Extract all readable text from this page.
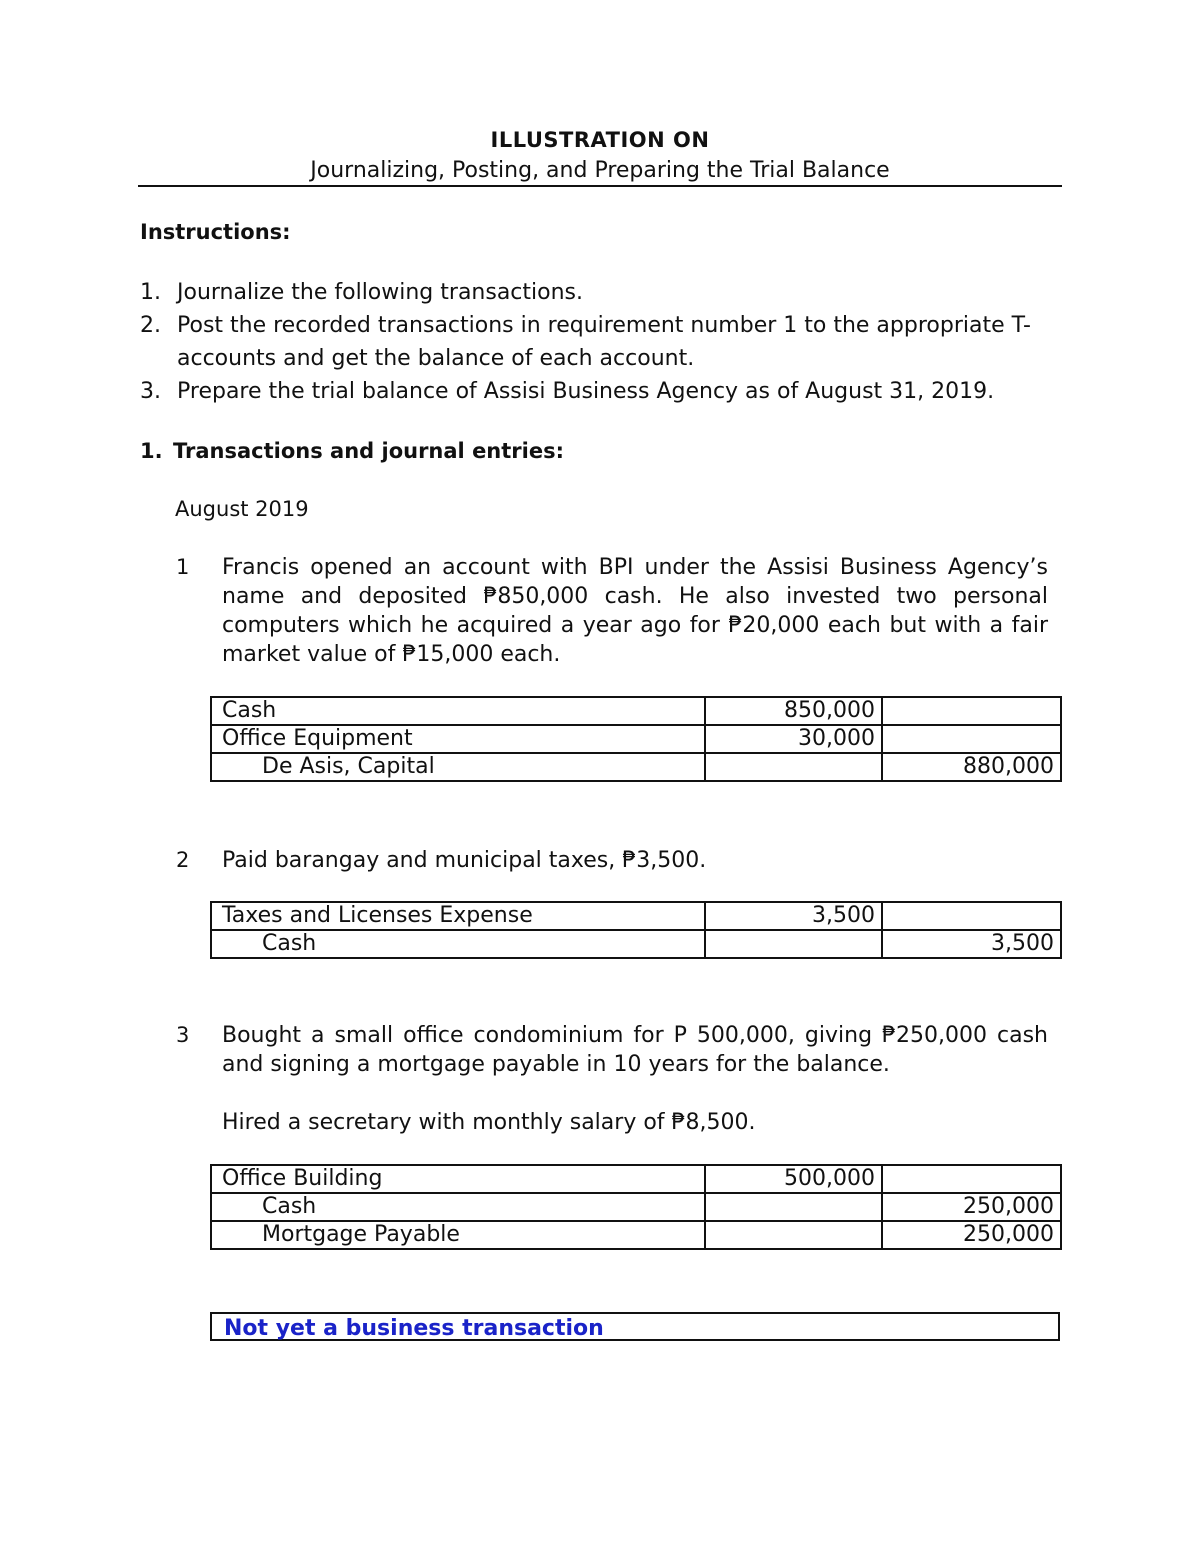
ILLUSTRATION ON
Journalizing, Posting, and Preparing the Trial Balance
Instructions:
1. Journalize the following transactions.
2. Post the recorded transactions in requirement number 1 to the appropriate T-accounts and get the balance of each account.
3. Prepare the trial balance of Assisi Business Agency as of August 31, 2019.
1. Transactions and journal entries:
August 2019
1 Francis opened an account with BPI under the Assisi Business Agency’s name and deposited ₱850,000 cash. He also invested two personal computers which he acquired a year ago for ₱20,000 each but with a fair market value of ₱15,000 each.
Cash	850,000	
Office Equipment	30,000	
De Asis, Capital		880,000
2 Paid barangay and municipal taxes, ₱3,500.
Taxes and Licenses Expense	3,500	
Cash		3,500
3 Bought a small office condominium for P 500,000, giving ₱250,000 cash and signing a mortgage payable in 10 years for the balance.
Hired a secretary with monthly salary of ₱8,500.
Office Building	500,000	
Cash		250,000
Mortgage Payable		250,000
Not yet a business transaction
